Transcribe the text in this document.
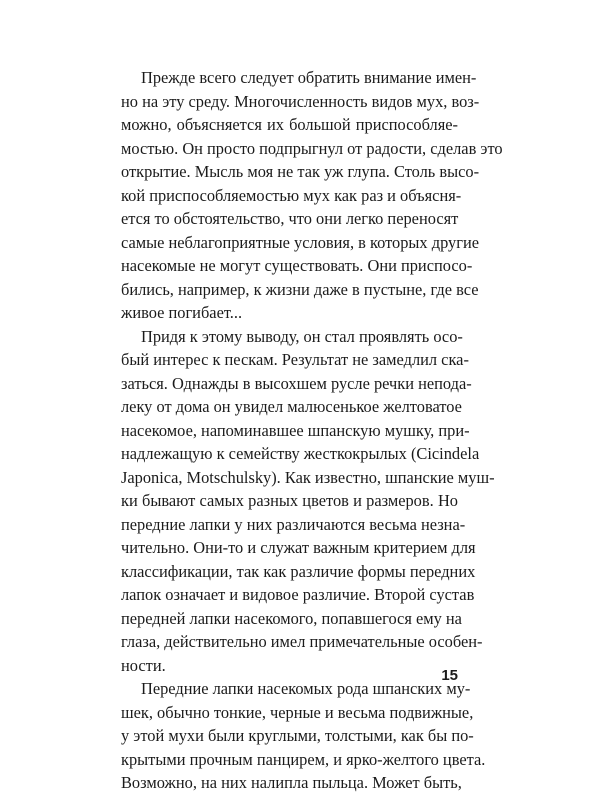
Прежде всего следует обратить внимание имен-
но на эту среду. Многочисленность видов мух, воз-
можно, объясняется их большой приспособляе-
мостью. Он просто подпрыгнул от радости, сделав это
открытие. Мысль моя не так уж глупа. Столь высо-
кой приспособляемостью мух как раз и объясня-
ется то обстоятельство, что они легко переносят
самые неблагоприятные условия, в которых другие
насекомые не могут существовать. Они приспосо-
бились, например, к жизни даже в пустыне, где все
живое погибает...
Придя к этому выводу, он стал проявлять осо-
бый интерес к пескам. Результат не замедлил ска-
заться. Однажды в высохшем русле речки непода-
леку от дома он увидел малюсенькое желтоватое
насекомое, напоминавшее шпанскую мушку, при-
надлежащую к семейству жесткокрылых (Cicindela
Japonica, Motschulsky). Как известно, шпанские муш-
ки бывают самых разных цветов и размеров. Но
передние лапки у них различаются весьма незна-
чительно. Они-то и служат важным критерием для
классификации, так как различие формы передних
лапок означает и видовое различие. Второй сустав
передней лапки насекомого, попавшегося ему на
глаза, действительно имел примечательные особен-
ности.
Передние лапки насекомых рода шпанских му-
шек, обычно тонкие, черные и весьма подвижные,
у этой мухи были круглыми, толстыми, как бы по-
крытыми прочным панцирем, и ярко-желтого цвета.
Возможно, на них налипла пыльца. Может быть,
15
